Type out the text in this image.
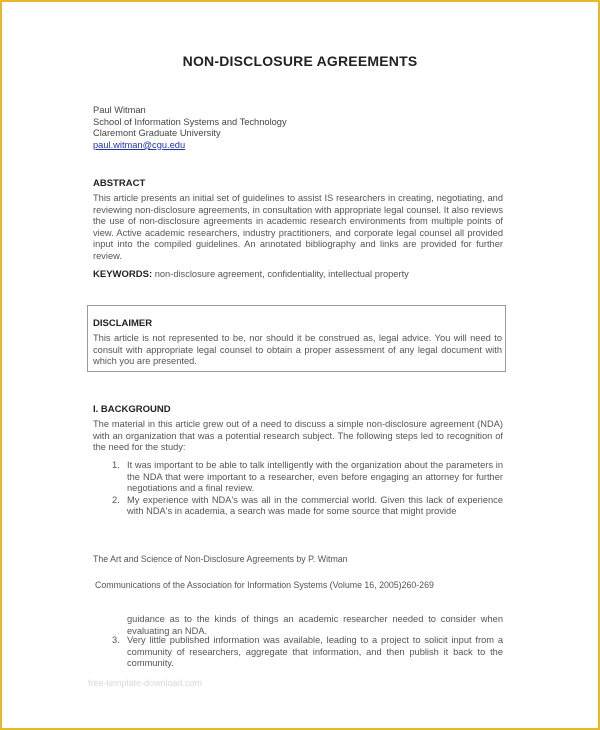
NON-DISCLOSURE AGREEMENTS
Paul Witman
School of Information Systems and Technology
Claremont Graduate University
paul.witman@cgu.edu
ABSTRACT
This article presents an initial set of guidelines to assist IS researchers in creating, negotiating, and reviewing non-disclosure agreements, in consultation with appropriate legal counsel. It also reviews the use of non-disclosure agreements in academic research environments from multiple points of view. Active academic researchers, industry practitioners, and corporate legal counsel all provided input into the compiled guidelines. An annotated bibliography and links are provided for further review.
KEYWORDS: non-disclosure agreement, confidentiality, intellectual property
DISCLAIMER
This article is not represented to be, nor should it be construed as, legal advice. You will need to consult with appropriate legal counsel to obtain a proper assessment of any legal document with which you are presented.
I. BACKGROUND
The material in this article grew out of a need to discuss a simple non-disclosure agreement (NDA) with an organization that was a potential research subject. The following steps led to recognition of the need for the study:
1. It was important to be able to talk intelligently with the organization about the parameters in the NDA that were important to a researcher, even before engaging an attorney for further negotiations and a final review.
2. My experience with NDA's was all in the commercial world. Given this lack of experience with NDA's in academia, a search was made for some source that might provide
The Art and Science of Non-Disclosure Agreements by P. Witman
Communications of the Association for Information Systems (Volume 16, 2005)260-269
guidance as to the kinds of things an academic researcher needed to consider when evaluating an NDA.
3. Very little published information was available, leading to a project to solicit input from a community of researchers, aggregate that information, and then publish it back to the community.
free-template-download.com
